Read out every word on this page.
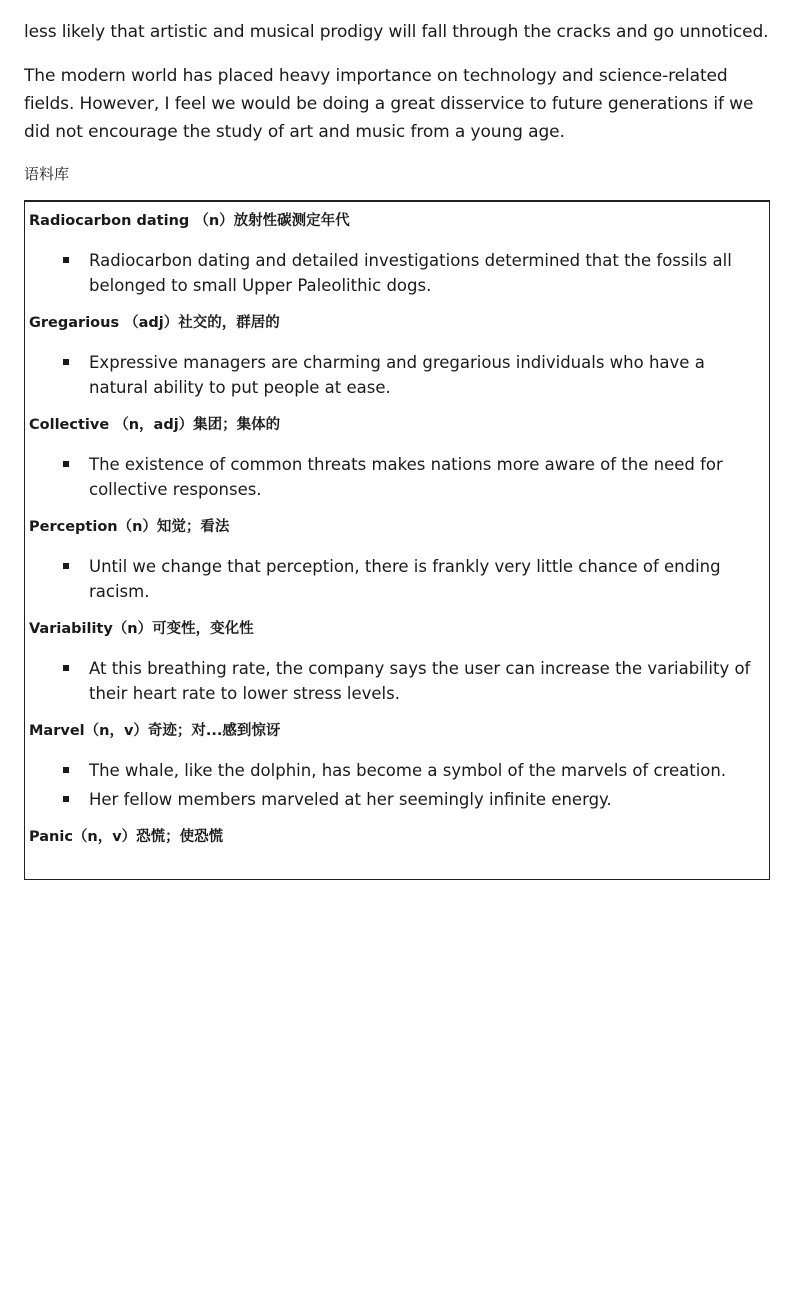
less likely that artistic and musical prodigy will fall through the cracks and go unnoticed.

The modern world has placed heavy importance on technology and science-related fields. However, I feel we would be doing a great disservice to future generations if we did not encourage the study of art and music from a young age.

语料库
Radiocarbon dating （n）放射性碳测定年代
Radiocarbon dating and detailed investigations determined that the fossils all belonged to small Upper Paleolithic dogs.
Gregarious （adj）社交的，群居的
Expressive managers are charming and gregarious individuals who have a natural ability to put people at ease.
Collective （n，adj）集团；集体的
The existence of common threats makes nations more aware of the need for collective responses.
Perception（n）知觉；看法
Until we change that perception, there is frankly very little chance of ending racism.
Variability（n）可变性，变化性
At this breathing rate, the company says the user can increase the variability of their heart rate to lower stress levels.
Marvel（n，v）奇迹；对...感到惊讶
The whale, like the dolphin, has become a symbol of the marvels of creation.
Her fellow members marveled at her seemingly infinite energy.
Panic（n，v）恐慌；使恐慌
